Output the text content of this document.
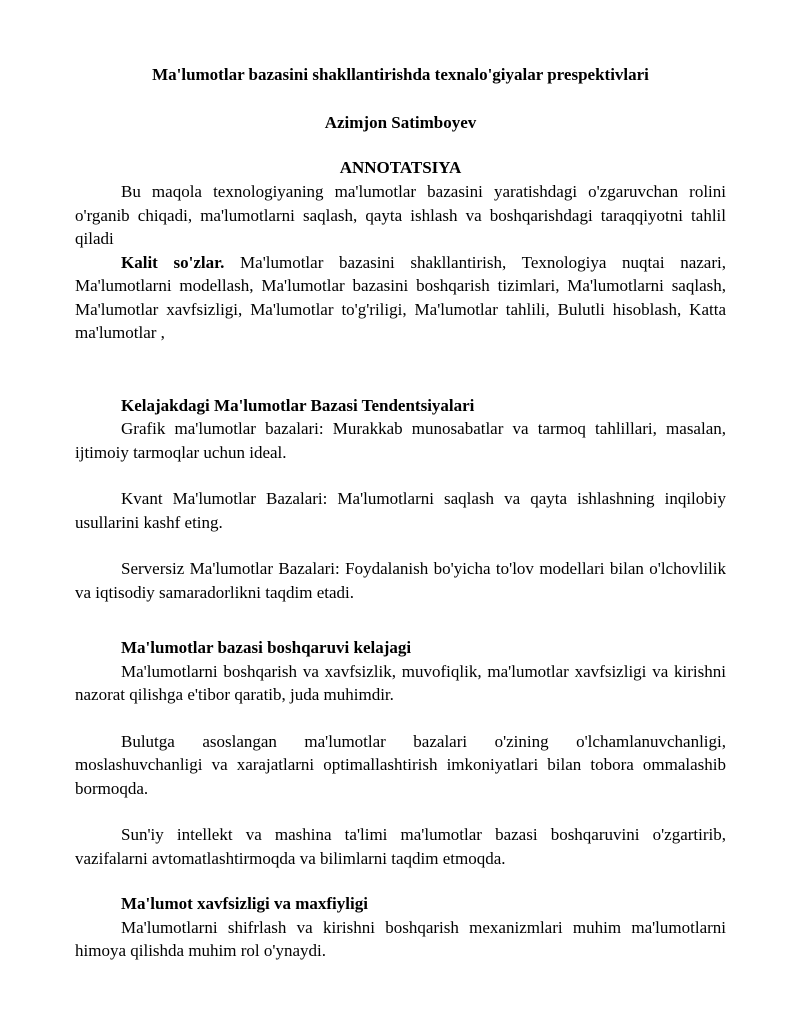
Ma'lumotlar bazasini shakllantirishda texnalo'giyalar prespektivlari
Azimjon Satimboyev
ANNOTATSIYA

Bu maqola texnologiyaning ma'lumotlar bazasini yaratishdagi o'zgaruvchan rolini o'rganib chiqadi, ma'lumotlarni saqlash, qayta ishlash va boshqarishdagi taraqqiyotni tahlil qiladi

Kalit so'zlar. Ma'lumotlar bazasini shakllantirish, Texnologiya nuqtai nazari, Ma'lumotlarni modellash, Ma'lumotlar bazasini boshqarish tizimlari, Ma'lumotlarni saqlash, Ma'lumotlar xavfsizligi, Ma'lumotlar to'g'riligi, Ma'lumotlar tahlili, Bulutli hisoblash, Katta ma'lumotlar ,

Kelajakdagi Ma'lumotlar Bazasi Tendentsiyalari

Grafik ma'lumotlar bazalari: Murakkab munosabatlar va tarmoq tahlillari, masalan, ijtimoiy tarmoqlar uchun ideal.

Kvant Ma'lumotlar Bazalari: Ma'lumotlarni saqlash va qayta ishlashning inqilobiy usullarini kashf eting.

Serversiz Ma'lumotlar Bazalari: Foydalanish bo'yicha to'lov modellari bilan o'lchovlilik va iqtisodiy samaradorlikni taqdim etadi.

Ma'lumotlar bazasi boshqaruvi kelajagi

Ma'lumotlarni boshqarish va xavfsizlik, muvofiqlik, ma'lumotlar xavfsizligi va kirishni nazorat qilishga e'tibor qaratib, juda muhimdir.

Bulutga asoslangan ma'lumotlar bazalari o'zining o'lchamlanuvchanligi, moslashuvchanligi va xarajatlarni optimallashtirish imkoniyatlari bilan tobora ommalashib bormoqda.

Sun'iy intellekt va mashina ta'limi ma'lumotlar bazasi boshqaruvini o'zgartirib, vazifalarni avtomatlashtirmoqda va bilimlarni taqdim etmoqda.

Ma'lumot xavfsizligi va maxfiyligi

Ma'lumotlarni shifrlash va kirishni boshqarish mexanizmlari muhim ma'lumotlarni himoya qilishda muhim rol o'ynaydi.
